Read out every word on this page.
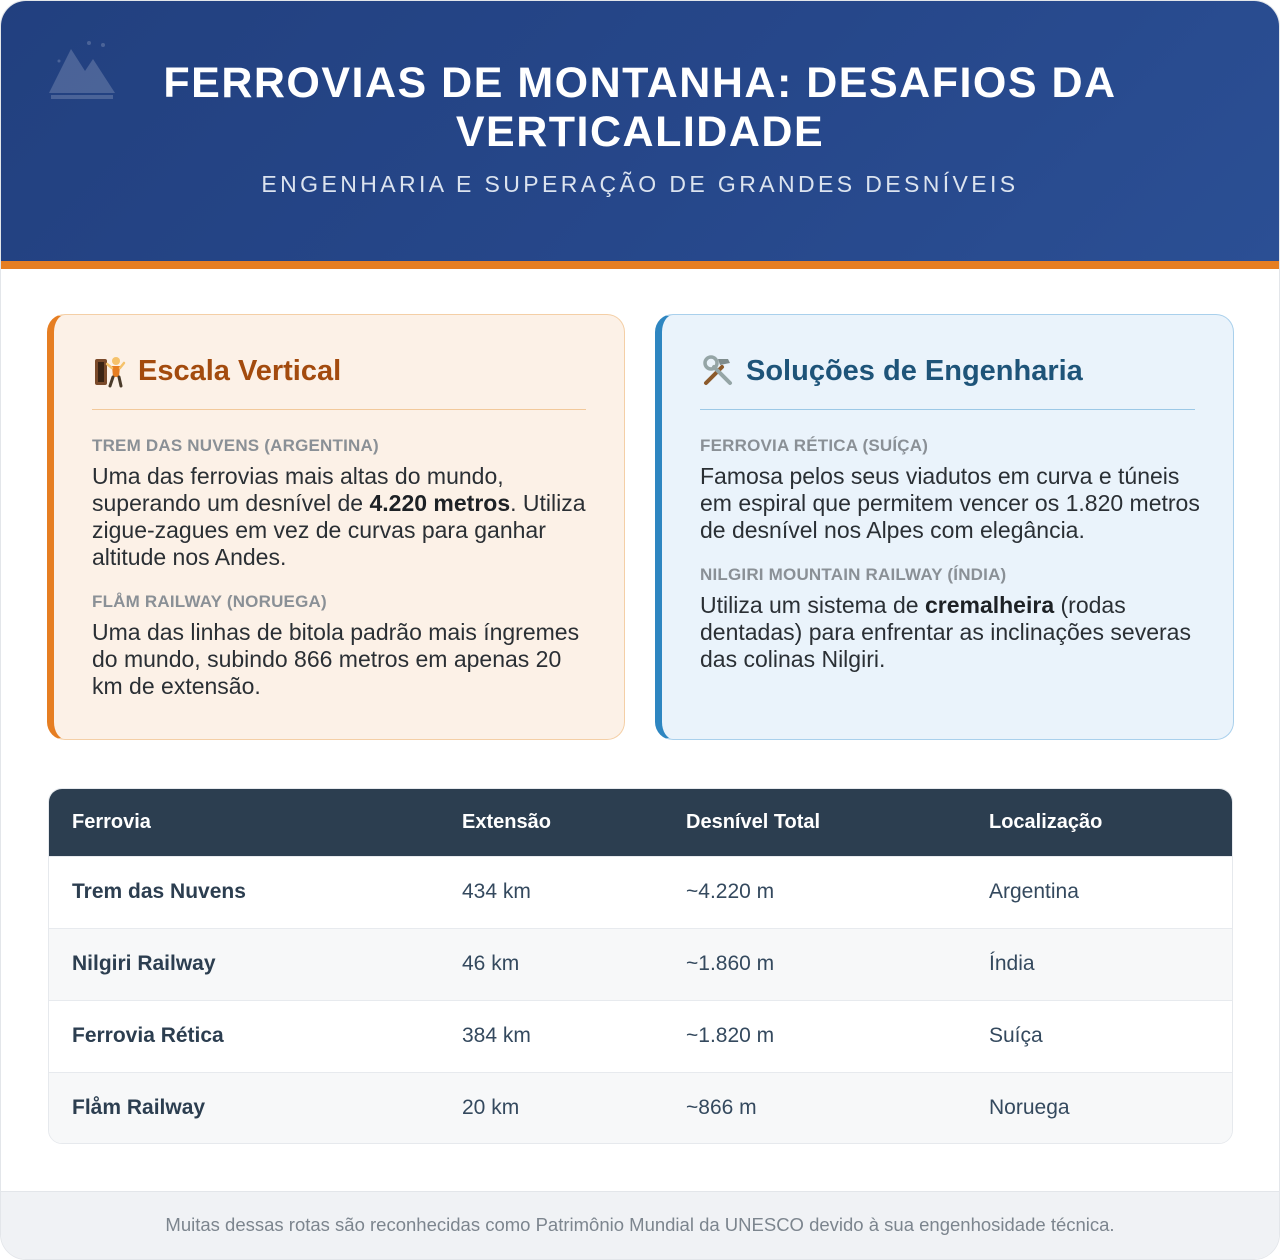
FERROVIAS DE MONTANHA: DESAFIOS DA VERTICALIDADE
ENGENHARIA E SUPERAÇÃO DE GRANDES DESNÍVEIS
Escala Vertical
TREM DAS NUVENS (ARGENTINA)
Uma das ferrovias mais altas do mundo, superando um desnível de 4.220 metros. Utiliza zigue-zagues em vez de curvas para ganhar altitude nos Andes.
FLÅM RAILWAY (NORUEGA)
Uma das linhas de bitola padrão mais íngremes do mundo, subindo 866 metros em apenas 20 km de extensão.
Soluções de Engenharia
FERROVIA RÉTICA (SUÍÇA)
Famosa pelos seus viadutos em curva e túneis em espiral que permitem vencer os 1.820 metros de desnível nos Alpes com elegância.
NILGIRI MOUNTAIN RAILWAY (ÍNDIA)
Utiliza um sistema de cremalheira (rodas dentadas) para enfrentar as inclinações severas das colinas Nilgiri.
Ferrovia	Extensão	Desnível Total	Localização
Trem das Nuvens	434 km	~4.220 m	Argentina
Nilgiri Railway	46 km	~1.860 m	Índia
Ferrovia Rética	384 km	~1.820 m	Suíça
Flåm Railway	20 km	~866 m	Noruega
Muitas dessas rotas são reconhecidas como Patrimônio Mundial da UNESCO devido à sua engenhosidade técnica.
